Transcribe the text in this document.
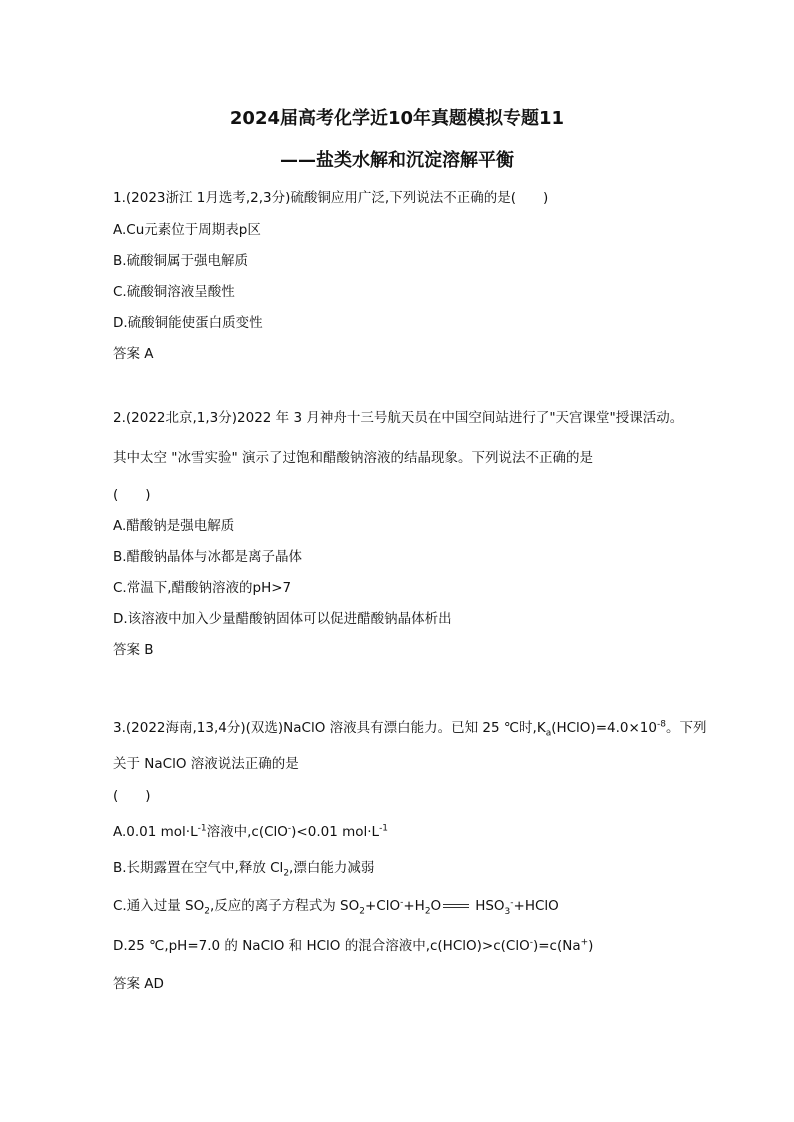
2024届高考化学近10年真题模拟专题11
——盐类水解和沉淀溶解平衡
1.(2023浙江 1月选考,2,3分)硫酸铜应用广泛,下列说法不正确的是(　　)
A.Cu元素位于周期表p区
B.硫酸铜属于强电解质
C.硫酸铜溶液呈酸性
D.硫酸铜能使蛋白质变性
答案 A
2.(2022北京,1,3分)2022 年 3 月神舟十三号航天员在中国空间站进行了"天宫课堂"授课活动。
其中太空 "冰雪实验" 演示了过饱和醋酸钠溶液的结晶现象。下列说法不正确的是
(　　)
A.醋酸钠是强电解质
B.醋酸钠晶体与冰都是离子晶体
C.常温下,醋酸钠溶液的pH>7
D.该溶液中加入少量醋酸钠固体可以促进醋酸钠晶体析出
答案 B
3.(2022海南,13,4分)(双选)NaClO 溶液具有漂白能力。已知 25 ℃时$,K_a(HClO)=4.0\times 10^{-8}$。下列
关于 NaClO 溶液说法正确的是
(　　)
A.0.01 $mol\cdot L^{-1}$溶液中,c(ClO-)<0.01 $mol\cdot L^{-1}$
B.长期露置在空气中,释放 $Cl_2$,漂白能力减弱
C.通入过量 $SO_2$,反应的离子方程式为 $SO_2+ClO^-+H_2O$	$HSO_3^-+HClO$
D.25 ℃,pH=7.0 的 NaClO 和 HClO 的混合溶液中,c(HClO)>c(ClO-)=c(Na+)
答案 AD
